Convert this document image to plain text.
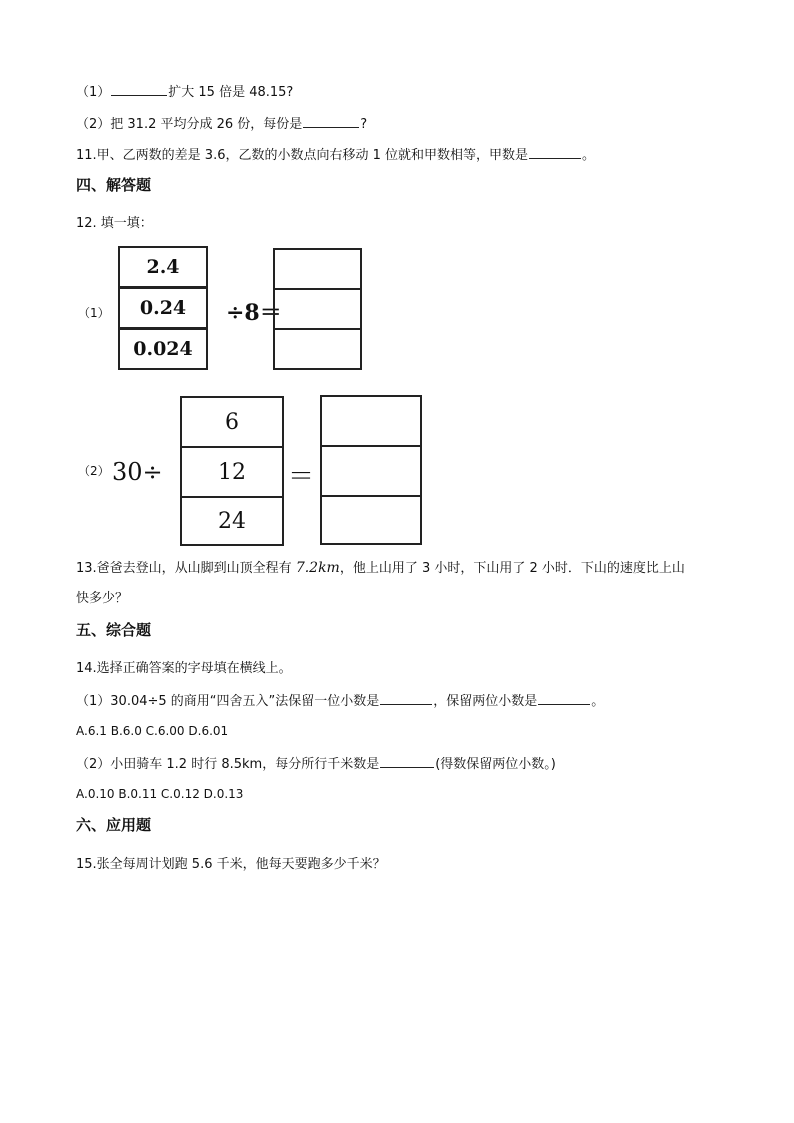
（1）	扩大 15 倍是 48.15?
（2）把 31.2 平均分成 26 份，每份是	?
11.甲、乙两数的差是 3.6，乙数的小数点向右移动 1 位就和甲数相等，甲数是	。
四、解答题
12. 填一填：
（1）
2.4
0.24
0.024
÷8＝
（2） 30÷
6
12
24
＝
13.爸爸去登山，从山脚到山顶全程有 7.2km，他上山用了 3 小时，下山用了 2 小时．下山的速度比上山
快多少？
五、综合题
14.选择正确答案的字母填在横线上。
（1）30.04÷5 的商用“四舍五入”法保留一位小数是	，保留两位小数是	。
A.6.1 B.6.0 C.6.00 D.6.01
（2）小田骑车 1.2 时行 8.5km，每分所行千米数是	(得数保留两位小数。)
A.0.10 B.0.11 C.0.12 D.0.13
六、应用题
15.张全每周计划跑 5.6 千米，他每天要跑多少千米？
